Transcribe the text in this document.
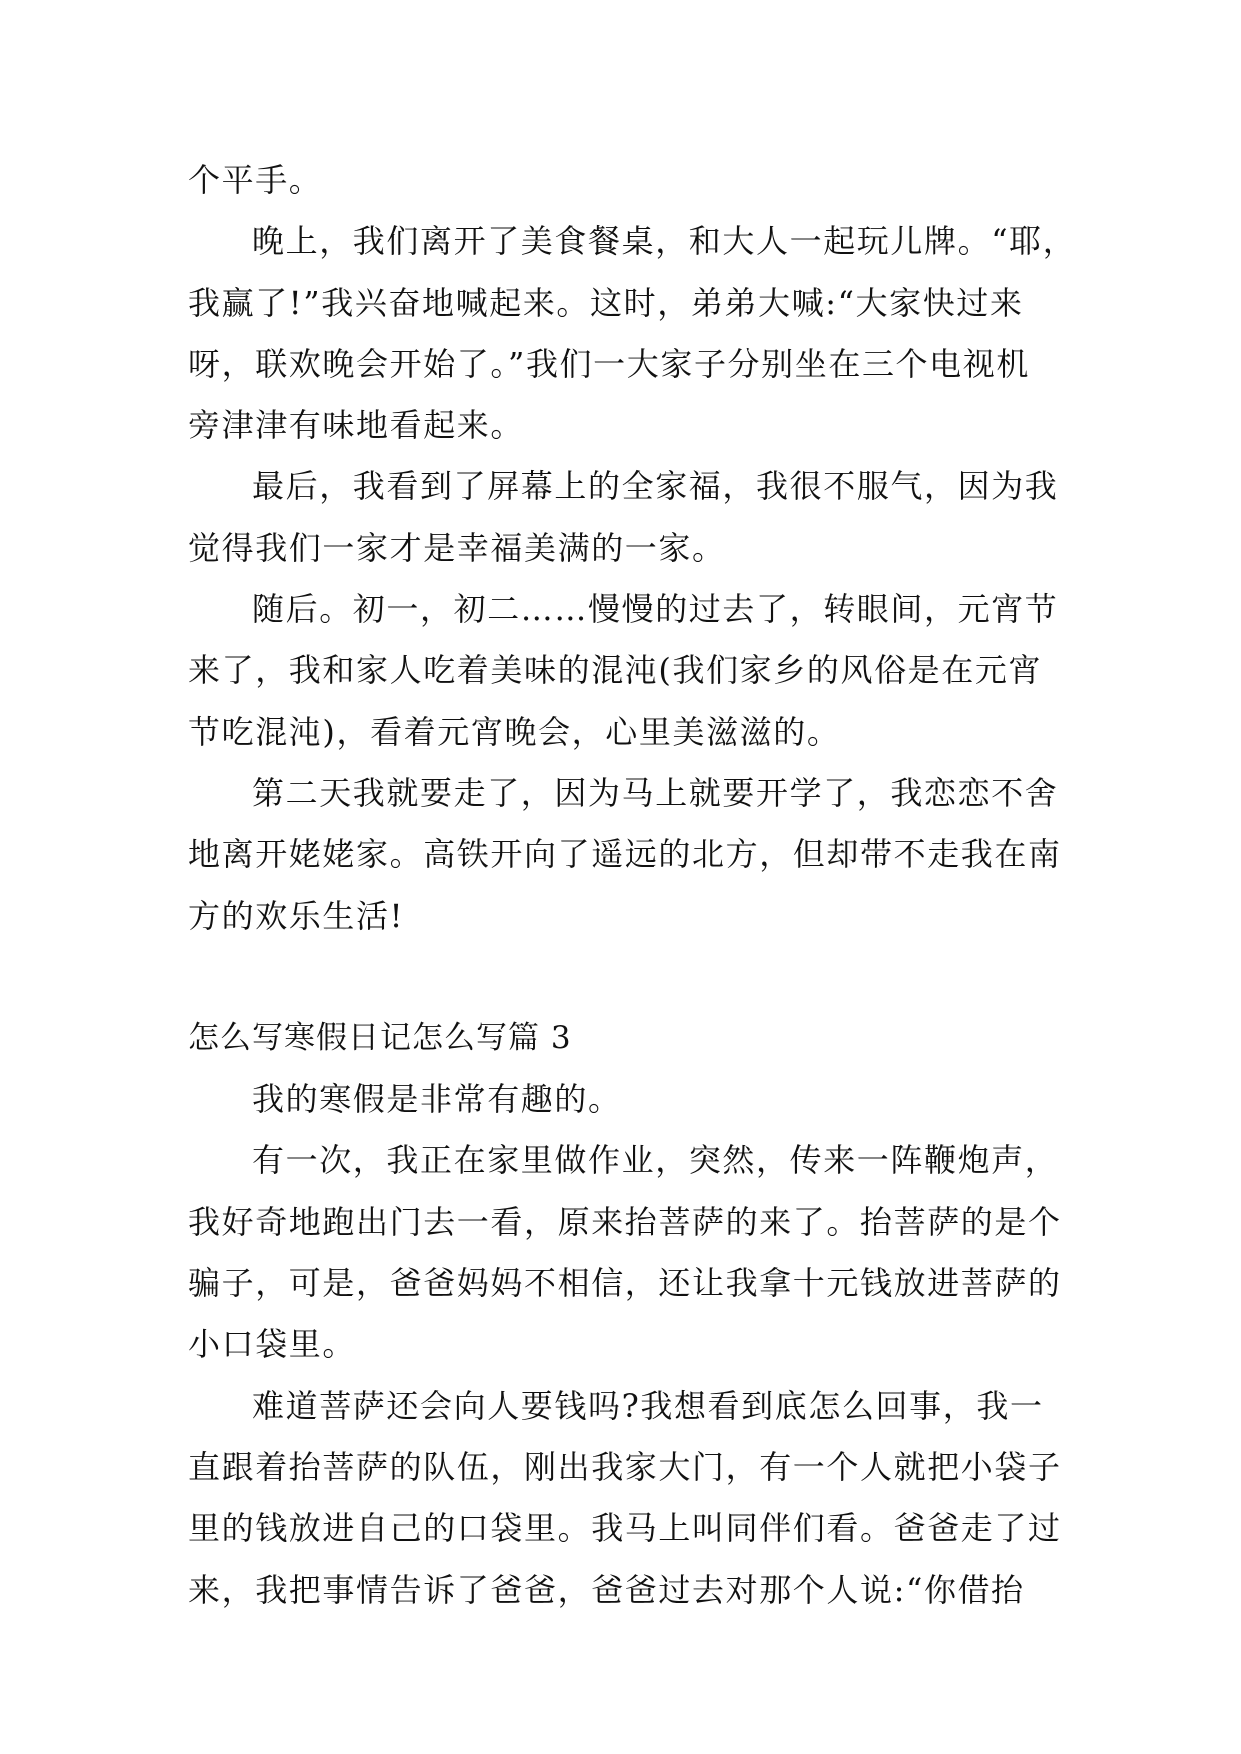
个平手。
晚上，我们离开了美食餐桌，和大人一起玩儿牌。“耶，
我赢了!”我兴奋地喊起来。这时，弟弟大喊:“大家快过来
呀，联欢晚会开始了。”我们一大家子分别坐在三个电视机
旁津津有味地看起来。
最后，我看到了屏幕上的全家福，我很不服气，因为我
觉得我们一家才是幸福美满的一家。
随后。初一，初二……慢慢的过去了，转眼间，元宵节
来了，我和家人吃着美味的混沌(我们家乡的风俗是在元宵
节吃混沌)，看着元宵晚会，心里美滋滋的。
第二天我就要走了，因为马上就要开学了，我恋恋不舍
地离开姥姥家。高铁开向了遥远的北方，但却带不走我在南
方的欢乐生活!
怎么写寒假日记怎么写篇 3
我的寒假是非常有趣的。
有一次，我正在家里做作业，突然，传来一阵鞭炮声，
我好奇地跑出门去一看，原来抬菩萨的来了。抬菩萨的是个
骗子，可是，爸爸妈妈不相信，还让我拿十元钱放进菩萨的
小口袋里。
难道菩萨还会向人要钱吗?我想看到底怎么回事，我一
直跟着抬菩萨的队伍，刚出我家大门，有一个人就把小袋子
里的钱放进自己的口袋里。我马上叫同伴们看。爸爸走了过
来，我把事情告诉了爸爸，爸爸过去对那个人说:“你借抬
